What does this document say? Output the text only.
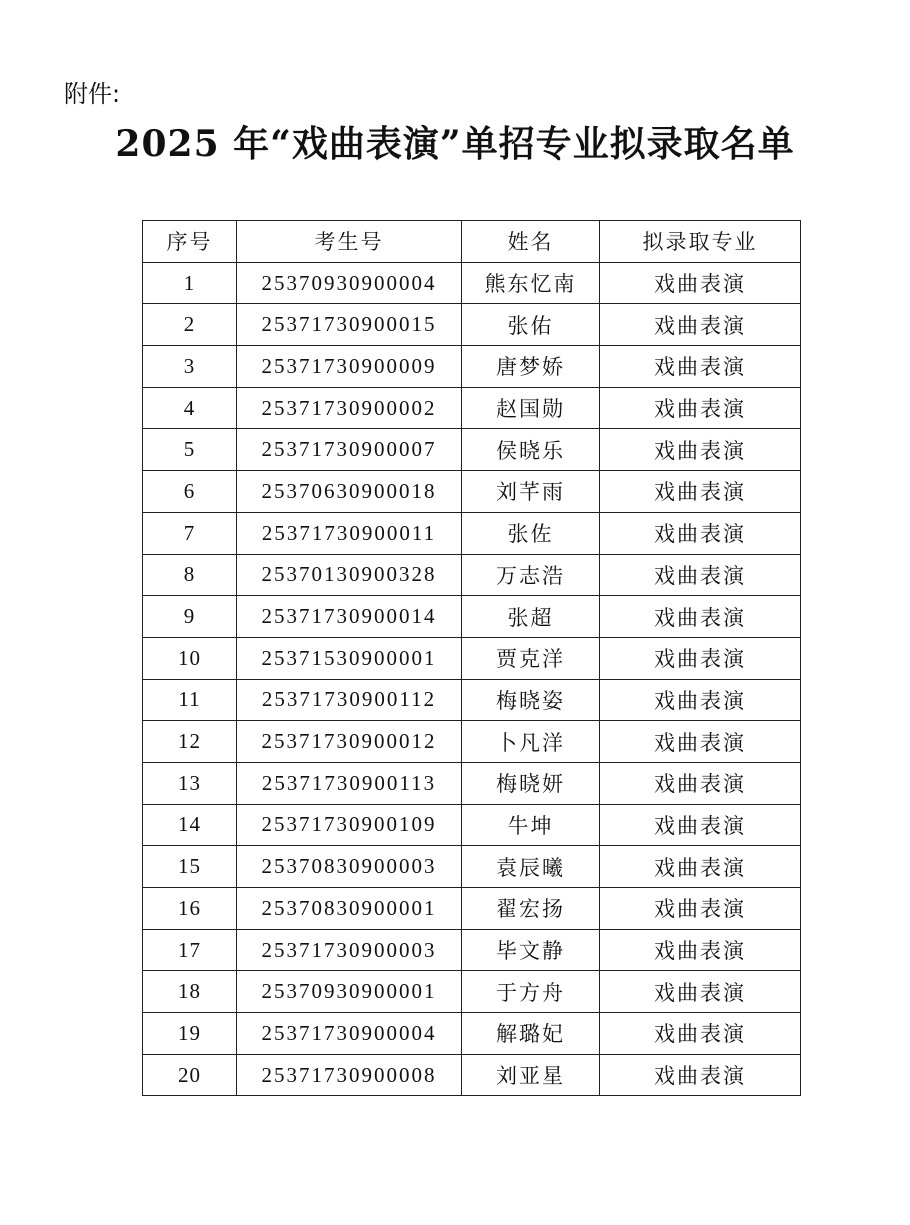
附件:
2025 年“戏曲表演”单招专业拟录取名单
序号	考生号	姓名	拟录取专业
1	25370930900004	熊东忆南	戏曲表演
2	25371730900015	张佑	戏曲表演
3	25371730900009	唐梦娇	戏曲表演
4	25371730900002	赵国勋	戏曲表演
5	25371730900007	侯晓乐	戏曲表演
6	25370630900018	刘芊雨	戏曲表演
7	25371730900011	张佐	戏曲表演
8	25370130900328	万志浩	戏曲表演
9	25371730900014	张超	戏曲表演
10	25371530900001	贾克洋	戏曲表演
11	25371730900112	梅晓姿	戏曲表演
12	25371730900012	卜凡洋	戏曲表演
13	25371730900113	梅晓妍	戏曲表演
14	25371730900109	牛坤	戏曲表演
15	25370830900003	袁辰曦	戏曲表演
16	25370830900001	翟宏扬	戏曲表演
17	25371730900003	毕文静	戏曲表演
18	25370930900001	于方舟	戏曲表演
19	25371730900004	解璐妃	戏曲表演
20	25371730900008	刘亚星	戏曲表演
